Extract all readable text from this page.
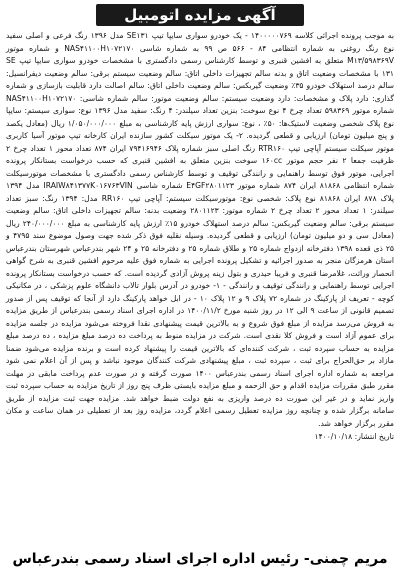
آگهی مزایده اتومبیل

به موجب پرونده اجرائی کلاسه ۱۴۰۰۰۰۰۷۶۹ - یک خودرو سواری سایپا تیپ SE۱۳۱ مدل ۱۳۹۶ رنگ فرعی و اصلی سفید نوع رنگ روغنی به شماره انتظامی ۸۴ - ۵۶۶ ص ۹۹ به شماره شاسی NAS۴۱۱۰۰H۱۰۷۲۱۷۰ و شماره موتور M۱۳/۵۹۸۳۶۹V متعلق به افشین قنبری و توسط کارشناس رسمی دادگستری با مشخصات خودرو سواری سایپا تیپ SE ۱۳۱ با مشخصات وضعیت اتاق و بدنه سالم تجهیزات داخلی اتاق: سالم وضعیت سیستم برقی: سالم وضعیت دیفرانسیل: سالم درصد استهلاک خودرو ۳۵٪ وضعیت گیربکس: سالم وضعیت داخلی اتاق: سالم اصالت دارد قابلیت بازسازی و شماره گذاری: دارد پلاک و مشخصات: دارد وضعیت سیستم: سالم وضعیت موتور: سالم شماره شاسی: NAS۴۱۱۰۰H۱۰۷۲۱۷۰ شماره موتور ۵۹۸۳۶۹ تعداد چرخ ۴ نوع سوخت: بنزین تعداد سیلندر: ۴ رنگ: سفید مدل ۱۳۹۶ نوع: سواری سیستم: سایپا نوع پلاک شخصی وضعیت لاستیک‌ها: ۵۰٪ ، نوع: سواری ارزش پایه کارشناسی به مبلغ ۱/۰۵۰/۰۰۰/۰۰۰ ریال (معادل یکصد و پنج میلیون تومان) ارزیابی و قطعی گردیده. ۲- یک موتور سیکلت کشور سازنده ایران کارخانه تیپ موتور آسیا کاربری موتور سیکلت سیستم آپاچی تیپ RTR۱۶۰ رنگ اصلی سبز شماره پلاک ۷۹۴۱۶۹۴۶ ایران ۸۷۴ تعداد محور ۱ تعداد چرخ ۲ ظرفیت جمعا ۲ نفر حجم موتور ۱۶۰cc سوخت بنزین متعلق به افشین قنبری که حسب درخواست بستانکار پرونده اجرایی، موتور فوق توسط راهنمایی و رانندگی توقیف و توسط کارشناس رسمی دادگستری با مشخصات موتورسیکلت شماره انتظامی ۸۱۸۶۸ ایران ۸۷۴ شماره موتور E۴GF۲۸۰۱۱۲۳ شماره شاسی IRAIW۸۴۱۳۷۷K۰۱۶۷۶۳VIN مدل ۱۳۹۴ پلاک ۸۷۸ ایران ۸۱۸۶۸ نوع پلاک: شخصی نوع: موتورسیکلت سیستم: آپاچی تیپ RR۱۶۰ مدل: ۱۳۹۴ رنگ: سبز تعداد سیلندر: ۱ تعداد محور ۲ تعداد چرخ ۲ شماره موتور: ۲۸۰۱۱۲۳ وضعیت بدنه: سالم تجهیزات داخلی اتاق: سالم وضعیت سیستم برقی: سالم وضعیت گیربکس: سالم درصد استهلاک خودرو ۱۵٪ ارزش پایه کارشناسی به مبلغ ۲۴۰/۰۰۰/۰۰۰ ریال (معادل سی و دو میلیون تومان) ارزیابی و قطعی گردیده. وسیله نقلیه فوق ذکر شده جهت وصول موضوع سند ۴۷۹۵ و ۲۵ ذی قعده ۱۳۹۸ دفترخانه ازدواج شماره ۲۵ و طلاق شماره ۲۵ و دفترخانه ۲۵ و ۲۴ شهر بندرعباس شهرستان بندرعباس استان هرمزگان منجر به صدور اجرائیه و تشکیل پرونده اجرایی به شماره فوق علیه مرحوم افشین قنبری به شرح گواهی انحصار وراثت، غلامرضا قنبری و فریبا حیدری و بتول زینه پروش آزادی گردیده است. که حسب درخواست بستانکار پرونده اجرایی توسط راهنمایی و رانندگی توقیف و رانندگی - ۱- خودرو در آدرس بلوار تالاب دانشگاه علوم پزشکی ، در مکانیکی کوچه - تعریف از پارکینگ در شماره ۷۲ پلاک ۹ و ۱۲ پلاک ۱۰ - در ابل خواهد پارکینگ دارد از آنجا که توقیف پس از صدور تصمیم قانونی از ساعت ۹ الی ۱۲ در روز شنبه مورخ ۱۴۰۰/۱۱/۲ در اداره اجرای اسناد رسمی بندرعباس از طریق مزایده به فروش می‌رسد مزایده از مبلغ فوق شروع و به بالاترین قیمت پیشنهادی نقدا فروخته می‌شود مزایده در جلسه مزایده برای عموم آزاد است و فروش کلا نقدی است. شرکت در مزایده منوط به پرداخت ده درصد مبلغ مزایده ، ده درصد مبلغ مزایده به حساب سپرده ثبت ، شرکت کننده‌ای که بالاترین قیمت را پیشنهاد کرده است و برنده مزایده می‌شود ضمنا مازاد بر حق‌الحراج برای ثبت ، سپرده ثبت ، مبلغ پیشنهادی شرکت کنندگان موجود نباشد و پس از آن اعلام نمی شود مراجعه به شماره اداره اجرای اسناد رسمی بندرعباس ۱۴۰۰ صورت گرفته و در صورت عدم پرداخت مابقی در مهلت مقرر طبق مقررات مزایده اقدام و حق ‌الزحمه و مبلغ مزایده بایستی ظرف پنج روز از تاریخ مزایده به حساب سپرده ثبت واریز نماید و در غیر این صورت ده درصد واریزی به نفع دولت ضبط خواهد شد. مزایده جهت ثبت مزایده از طریق سامانه برگزار شده و چنانچه روز مزایده تعطیل رسمی اعلام گردد، مزایده روز بعد از تعطیلی در همان ساعت و مکان مقرر برگزار خواهد شد.

تاریخ انتشار: ۱۴۰۰/۱۰/۱۸

مریم چمنی- رئیس اداره اجرای اسناد رسمی بندرعباس
